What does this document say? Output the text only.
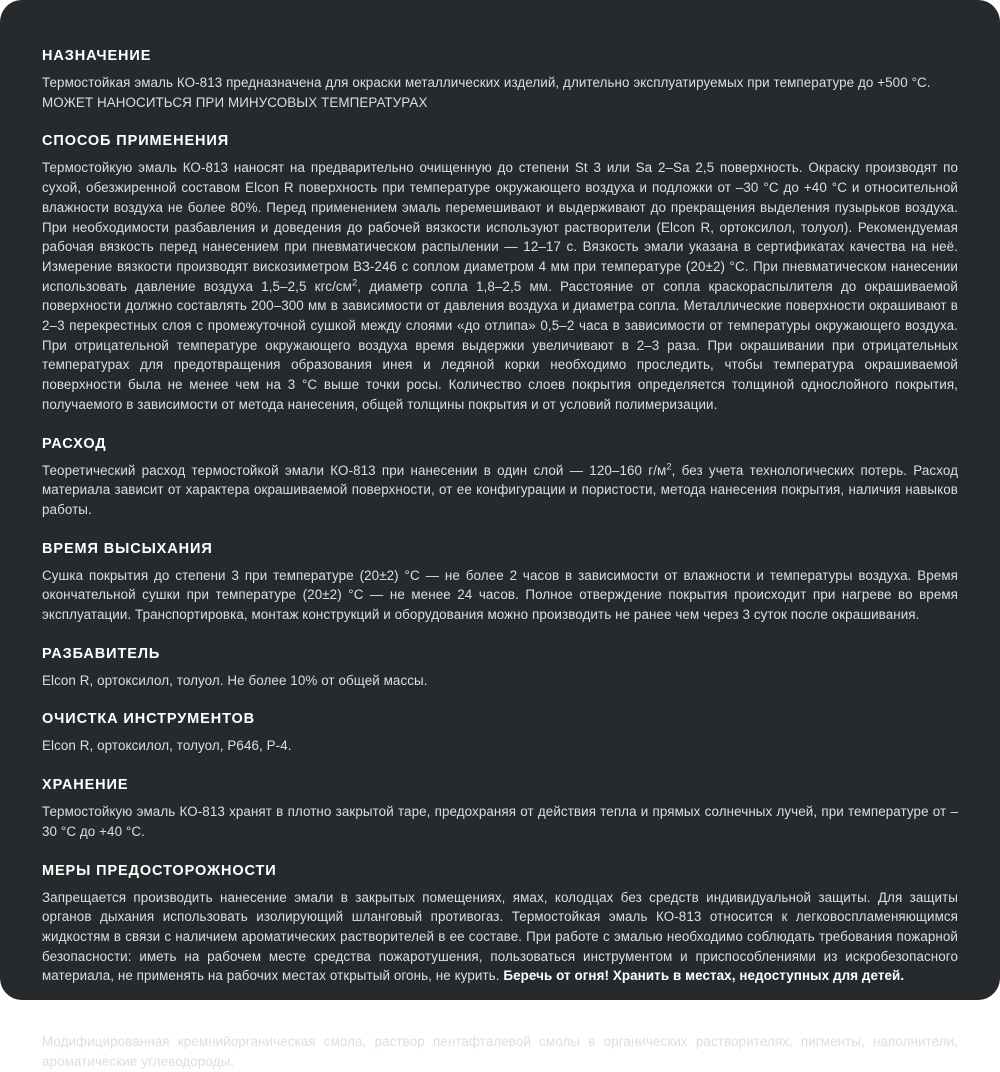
НАЗНАЧЕНИЕ

Термостойкая эмаль КО-813 предназначена для окраски металлических изделий, длительно эксплуатируемых при температуре до +500 °С.
МОЖЕТ НАНОСИТЬСЯ ПРИ МИНУСОВЫХ ТЕМПЕРАТУРАХ

СПОСОБ ПРИМЕНЕНИЯ

Термостойкую эмаль КО-813 наносят на предварительно очищенную до степени St 3 или Sa 2–Sa 2,5 поверхность. Окраску производят по сухой, обезжиренной составом Elcon R поверхность при температуре окружающего воздуха и подложки от –30 °С до +40 °С и относительной влажности воздуха не более 80%. Перед применением эмаль перемешивают и выдерживают до прекращения выделения пузырьков воздуха. При необходимости разбавления и доведения до рабочей вязкости используют растворители (Elcon R, ортоксилол, толуол). Рекомендуемая рабочая вязкость перед нанесением при пневматическом распылении — 12–17 с. Вязкость эмали указана в сертификатах качества на неё. Измерение вязкости производят вискозиметром ВЗ-246 с соплом диаметром 4 мм при температуре (20±2) °С. При пневматическом нанесении использовать давление воздуха 1,5–2,5 кгс/$см^2$, диаметр сопла 1,8–2,5 мм. Расстояние от сопла краскораспылителя до окрашиваемой поверхности должно составлять 200–300 мм в зависимости от давления воздуха и диаметра сопла. Металлические поверхности окрашивают в 2–3 перекрестных слоя с промежуточной сушкой между слоями «до отлипа» 0,5–2 часа в зависимости от температуры окружающего воздуха. При отрицательной температуре окружающего воздуха время выдержки увеличивают в 2–3 раза. При окрашивании при отрицательных температурах для предотвращения образования инея и ледяной корки необходимо проследить, чтобы температура окрашиваемой поверхности была не менее чем на 3 °С выше точки росы. Количество слоев покрытия определяется толщиной однослойного покрытия, получаемого в зависимости от метода нанесения, общей толщины покрытия и от условий полимеризации.

РАСХОД

Теоретический расход термостойкой эмали КО-813 при нанесении в один слой — 120–160 $г/м^2$, без учета технологических потерь. Расход материала зависит от характера окрашиваемой поверхности, от ее конфигурации и пористости, метода нанесения покрытия, наличия навыков работы.

ВРЕМЯ ВЫСЫХАНИЯ

Сушка покрытия до степени 3 при температуре (20±2) °С — не более 2 часов в зависимости от влажности и температуры воздуха. Время окончательной сушки при температуре (20±2) °С — не менее 24 часов. Полное отверждение покрытия происходит при нагреве во время эксплуатации. Транспортировка, монтаж конструкций и оборудования можно производить не ранее чем через 3 суток после окрашивания.

РАЗБАВИТЕЛЬ

Elcon R, ортоксилол, толуол. Не более 10% от общей массы.

ОЧИСТКА ИНСТРУМЕНТОВ

Elcon R, ортоксилол, толуол, Р646, Р-4.

ХРАНЕНИЕ

Термостойкую эмаль КО-813 хранят в плотно закрытой таре, предохраняя от действия тепла и прямых солнечных лучей, при температуре от –30 °С до +40 °С.

МЕРЫ ПРЕДОСТОРОЖНОСТИ

Запрещается производить нанесение эмали в закрытых помещениях, ямах, колодцах без средств индивидуальной защиты. Для защиты органов дыхания использовать изолирующий шланговый противогаз. Термостойкая эмаль КО-813 относится к легковоспламеняющимся жидкостям в связи с наличием ароматических растворителей в ее составе. При работе с эмалью необходимо соблюдать требования пожарной безопасности: иметь на рабочем месте средства пожаротушения, пользоваться инструментом и приспособлениями из искробезопасного материала, не применять на рабочих местах открытый огонь, не курить. Беречь от огня! Хранить в местах, недоступных для детей.

СОСТАВ

Модифицированная кремнийорганическая смола, раствор пентафталевой смолы в органических растворителях, пигменты, наполнители, ароматические углеводороды.
